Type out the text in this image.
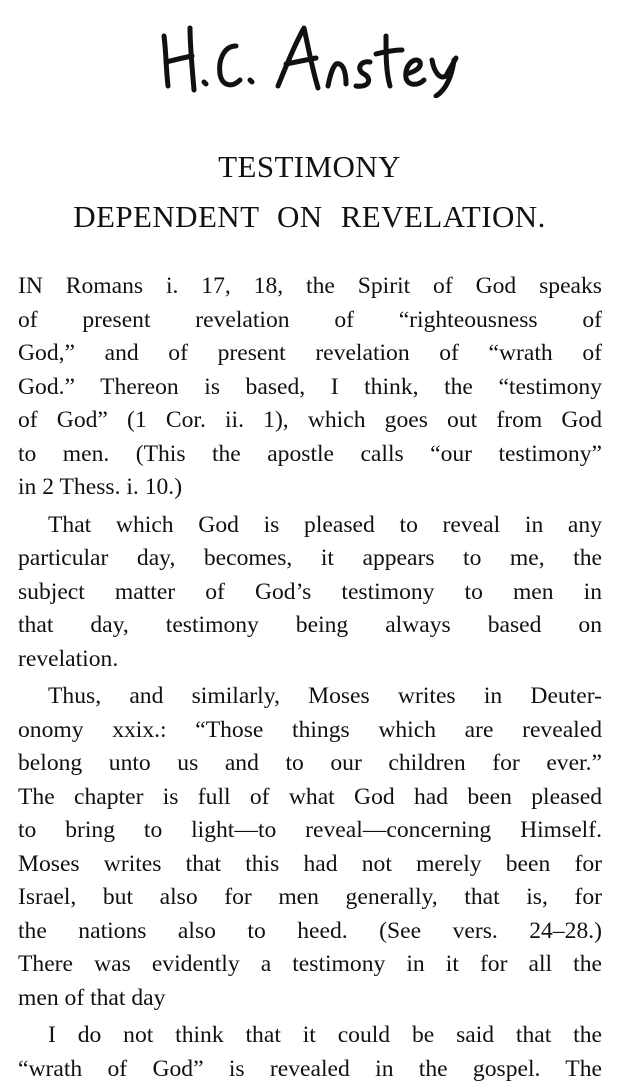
TESTIMONY
DEPENDENT ON REVELATION.
IN Romans i. 17, 18, the Spirit of God speaks
of present revelation of “righteousness of
God,” and of present revelation of “wrath of
God.” Thereon is based, I think, the “testimony
of God” (1 Cor. ii. 1), which goes out from God
to men. (This the apostle calls “our testimony”
in 2 Thess. i. 10.)
That which God is pleased to reveal in any
particular day, becomes, it appears to me, the
subject matter of God’s testimony to men in
that day, testimony being always based on
revelation.
Thus, and similarly, Moses writes in Deuter-
onomy xxix.: “Those things which are revealed
belong unto us and to our children for ever.”
The chapter is full of what God had been pleased
to bring to light—to reveal—concerning Himself.
Moses writes that this had not merely been for
Israel, but also for men generally, that is, for
the nations also to heed. (See vers. 24–28.)
There was evidently a testimony in it for all the
men of that day
I do not think that it could be said that the
“wrath of God” is revealed in the gospel. The
